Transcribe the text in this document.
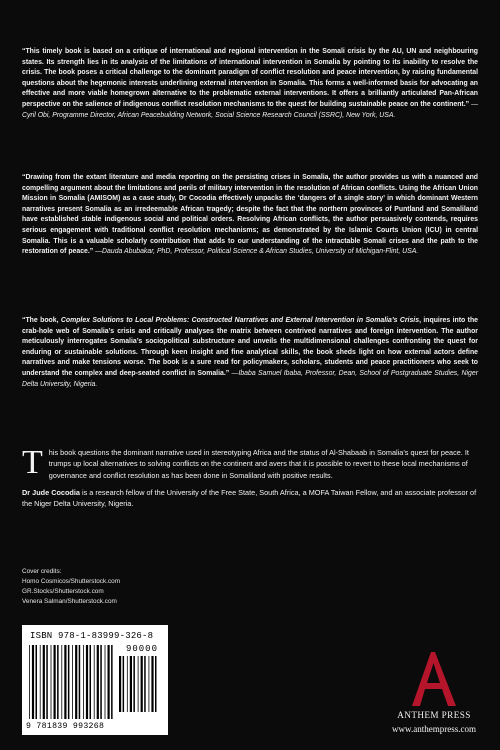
“This timely book is based on a critique of international and regional intervention in the Somali crisis by the AU, UN and neighbouring states. Its strength lies in its analysis of the limitations of international intervention in Somalia by pointing to its inability to resolve the crisis. The book poses a critical challenge to the dominant paradigm of conflict resolution and peace intervention, by raising fundamental questions about the hegemonic interests underlining external intervention in Somalia. This forms a well-informed basis for advocating an effective and more viable homegrown alternative to the problematic external interventions. It offers a brilliantly articulated Pan-African perspective on the salience of indigenous conflict resolution mechanisms to the quest for building sustainable peace on the continent.” —Cyril Obi, Programme Director, African Peacebuilding Network, Social Science Research Council (SSRC), New York, USA.
“Drawing from the extant literature and media reporting on the persisting crises in Somalia, the author provides us with a nuanced and compelling argument about the limitations and perils of military intervention in the resolution of African conflicts. Using the African Union Mission in Somalia (AMISOM) as a case study, Dr Cocodia effectively unpacks the ‘dangers of a single story’ in which dominant Western narratives present Somalia as an irredeemable African tragedy; despite the fact that the northern provinces of Puntland and Somaliland have established stable indigenous social and political orders. Resolving African conflicts, the author persuasively contends, requires serious engagement with traditional conflict resolution mechanisms; as demonstrated by the Islamic Courts Union (ICU) in central Somalia. This is a valuable scholarly contribution that adds to our understanding of the intractable Somali crises and the path to the restoration of peace.” —Dauda Abubakar, PhD, Professor, Political Science & African Studies, University of Michigan-Flint, USA.
“The book, Complex Solutions to Local Problems: Constructed Narratives and External Intervention in Somalia’s Crisis, inquires into the crab-hole web of Somalia’s crisis and critically analyses the matrix between contrived narratives and foreign intervention. The author meticulously interrogates Somalia’s sociopolitical substructure and unveils the multidimensional challenges confronting the quest for enduring or sustainable solutions. Through keen insight and fine analytical skills, the book sheds light on how external actors define narratives and make tensions worse. The book is a sure read for policymakers, scholars, students and peace practitioners who seek to understand the complex and deep-seated conflict in Somalia.” —Ibaba Samuel Ibaba, Professor, Dean, School of Postgraduate Studies, Niger Delta University, Nigeria.
T his book questions the dominant narrative used in stereotyping Africa and the status of Al-Shabaab in Somalia’s quest for peace. It trumps up local alternatives to solving conflicts on the continent and avers that it is possible to revert to these local mechanisms of governance and conflict resolution as has been done in Somaliland with positive results.
Dr Jude Cocodia is a research fellow of the University of the Free State, South Africa, a MOFA Taiwan Fellow, and an associate professor of the Niger Delta University, Nigeria.
Cover credits:
Homo Cosmicos/Shutterstock.com
GR.Stocks/Shutterstock.com
Venera Salman/Shutterstock.com
ISBN 978-1-83999-326-8
90000
9 781839 993268
ANTHEM PRESS
www.anthempress.com
